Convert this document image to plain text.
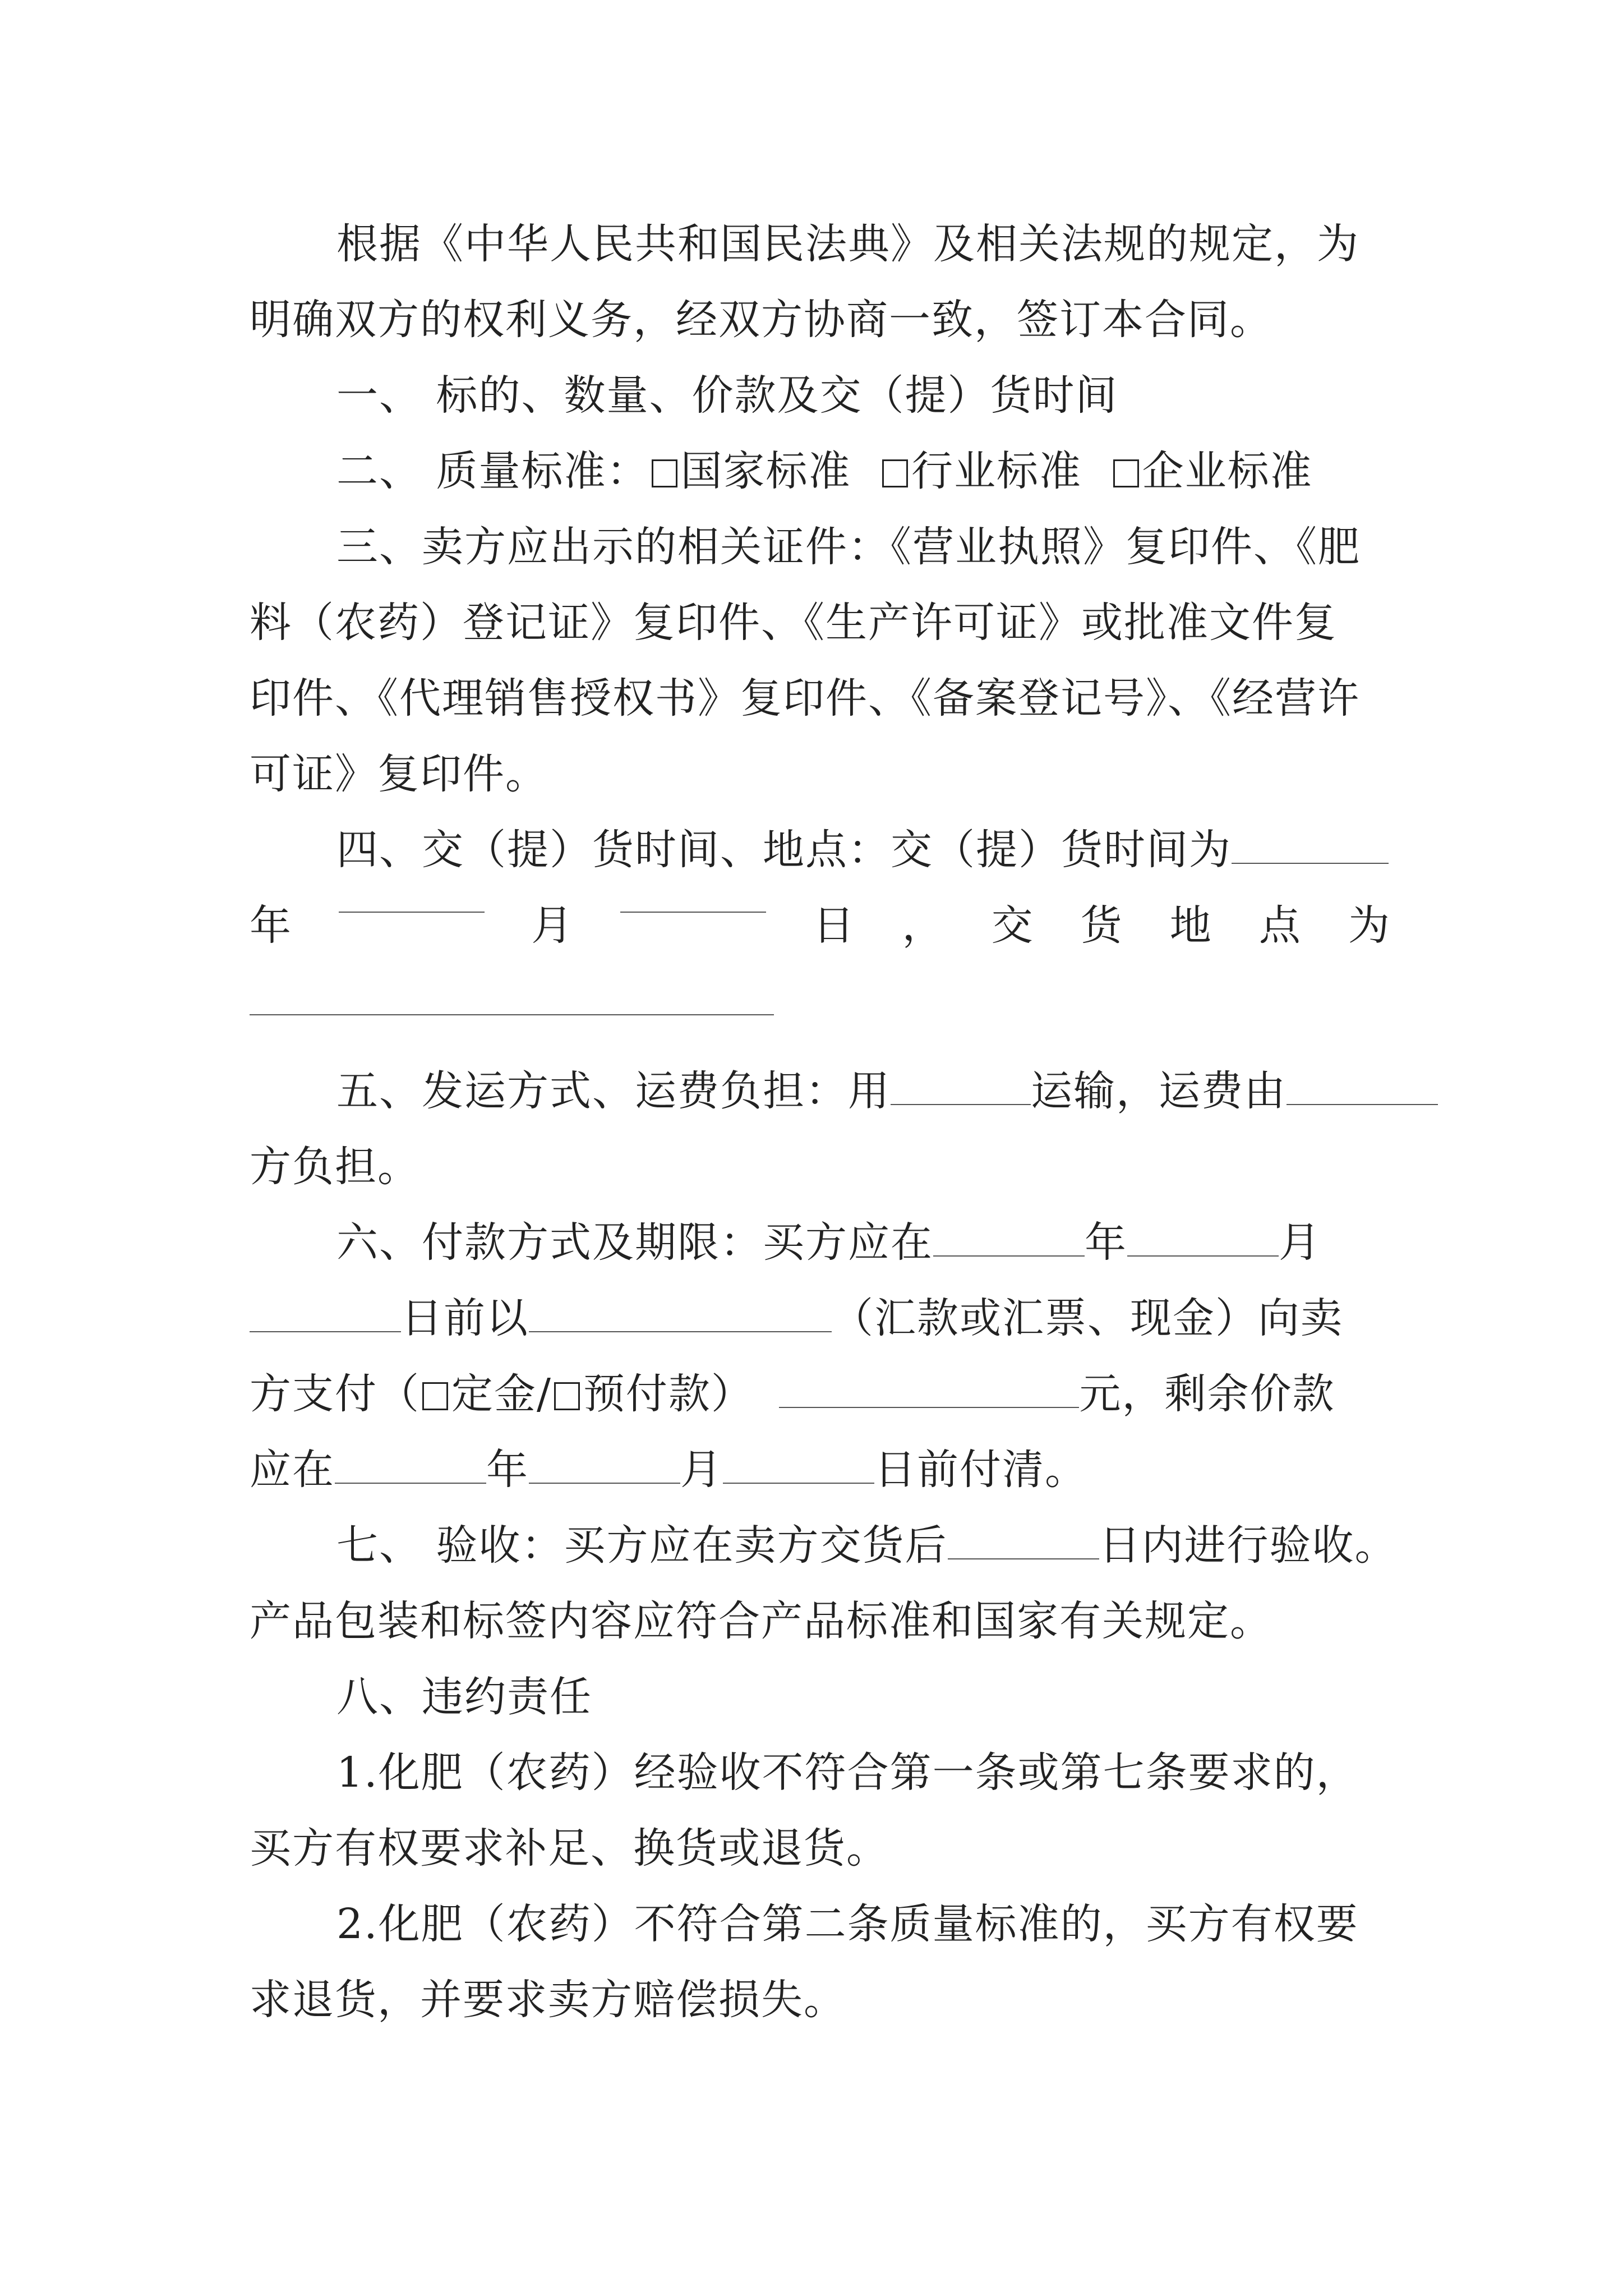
根据《中华人民共和国民法典》及相关法规的规定，为
明确双方的权利义务，经双方协商一致，签订本合同。
一、 标的、数量、价款及交（提）货时间
二、 质量标准： 国家标准 行业标准 企业标准
三、卖方应出示的相关证件：《营业执照》复印件、《肥
料（农药）登记证》复印件、《生产许可证》或批准文件复
印件、《代理销售授权书》复印件、《备案登记号》、《经营许
可证》复印件。
四、交（提）货时间、地点：交（提）货时间为
年	月	日 ， 交 货 地 点 为
五、发运方式、运费负担：用	运输，运费由
方负担。
六、付款方式及期限：买方应在	年	月
日前以	（汇款或汇票、现金）向卖
方支付（ 定金/ 预付款）	元，剩余价款
应在	年	月	日前付清。
七、 验收：买方应在卖方交货后	日内进行验收。
产品包装和标签内容应符合产品标准和国家有关规定。
八、违约责任
1.化肥（农药）经验收不符合第一条或第七条要求的，
买方有权要求补足、换货或退货。
2.化肥（农药）不符合第二条质量标准的，买方有权要
求退货，并要求卖方赔偿损失。
